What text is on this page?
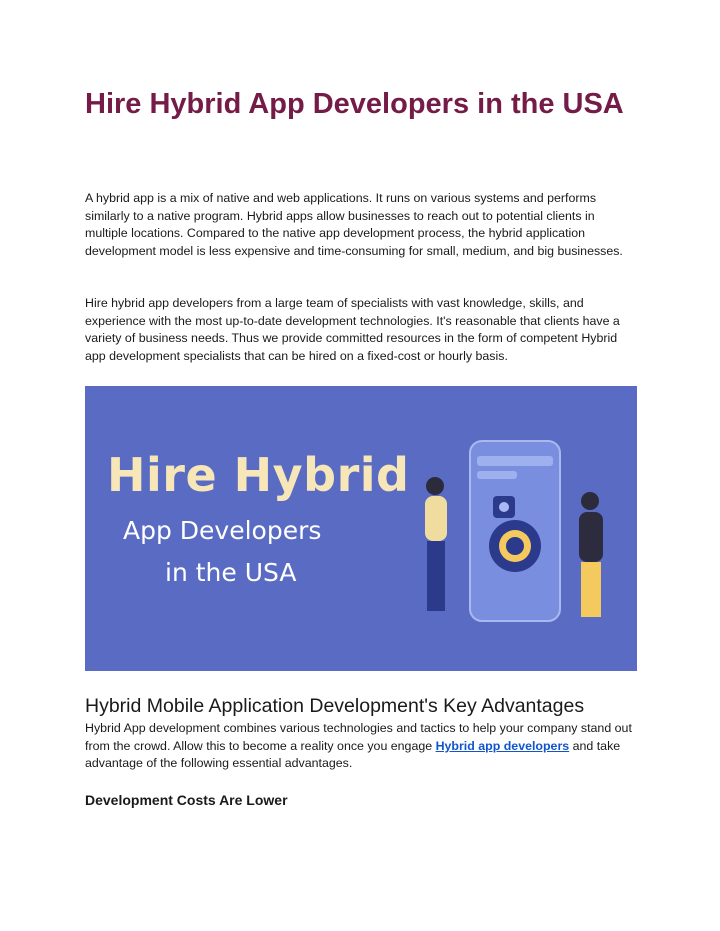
Hire Hybrid App Developers in the USA

A hybrid app is a mix of native and web applications. It runs on various systems and performs similarly to a native program. Hybrid apps allow businesses to reach out to potential clients in multiple locations. Compared to the native app development process, the hybrid application development model is less expensive and time-consuming for small, medium, and big businesses.

Hire hybrid app developers from a large team of specialists with vast knowledge, skills, and experience with the most up-to-date development technologies. It's reasonable that clients have a variety of business needs. Thus we provide committed resources in the form of competent Hybrid app development specialists that can be hired on a fixed-cost or hourly basis.

Hire Hybrid
App Developers
in the USA
Hybrid Mobile Application Development's Key Advantages

Hybrid App development combines various technologies and tactics to help your company stand out from the crowd. Allow this to become a reality once you engage Hybrid app developers and take advantage of the following essential advantages.

Development Costs Are Lower
